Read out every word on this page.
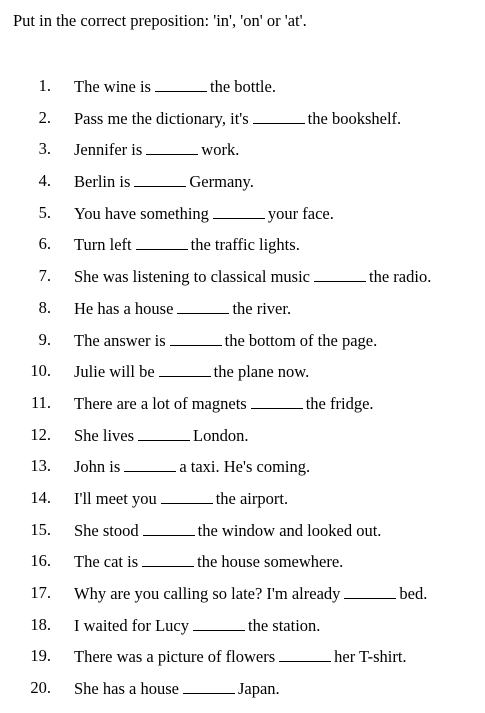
Put in the correct preposition: 'in', 'on' or 'at'.
1. The wine is	the bottle.
2. Pass me the dictionary, it's	the bookshelf.
3. Jennifer is	work.
4. Berlin is	Germany.
5. You have something	your face.
6. Turn left	the traffic lights.
7. She was listening to classical music	the radio.
8. He has a house	the river.
9. The answer is	the bottom of the page.
10. Julie will be	the plane now.
11. There are a lot of magnets	the fridge.
12. She lives	London.
13. John is	a taxi. He's coming.
14. I'll meet you	the airport.
15. She stood	the window and looked out.
16. The cat is	the house somewhere.
17. Why are you calling so late? I'm already	bed.
18. I waited for Lucy	the station.
19. There was a picture of flowers	her T-shirt.
20. She has a house	Japan.
